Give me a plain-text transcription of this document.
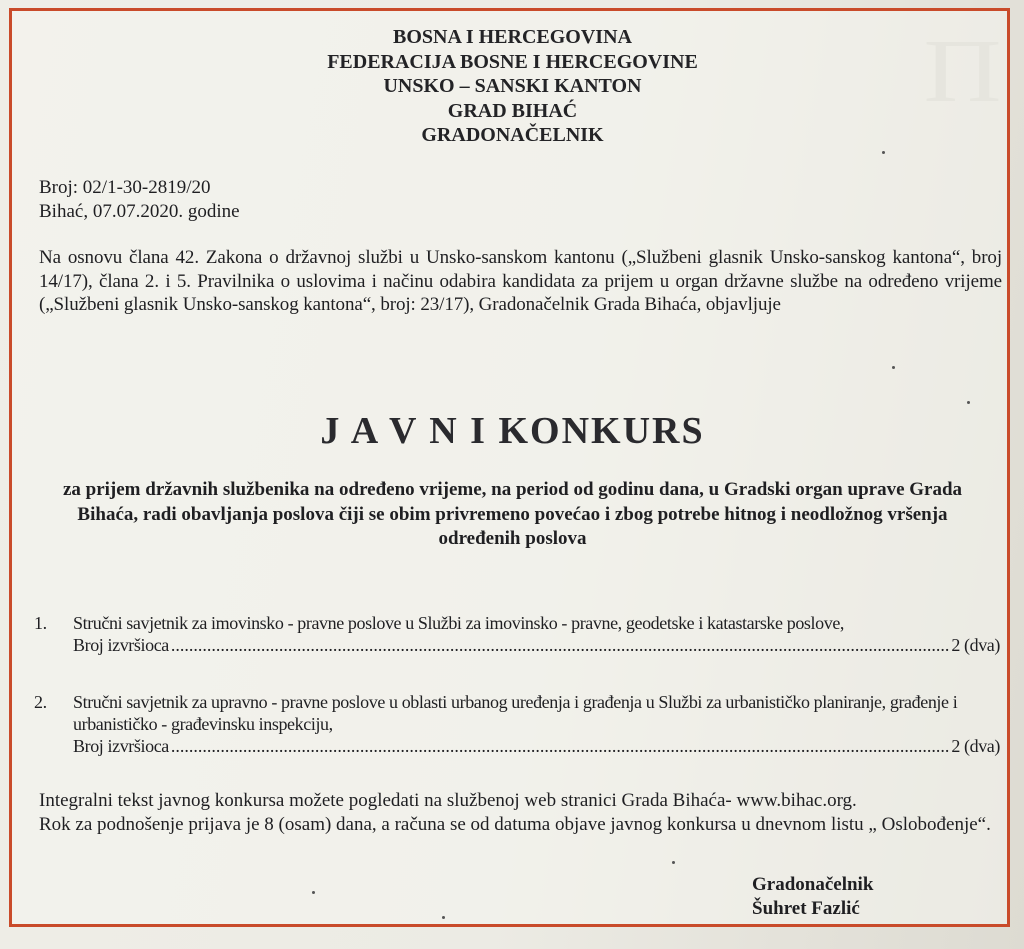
BOSNA I HERCEGOVINA
FEDERACIJA BOSNE I HERCEGOVINE
UNSKO – SANSKI KANTON
GRAD BIHAĆ
GRADONAČELNIK
Broj: 02/1-30-2819/20
Bihać, 07.07.2020. godine
Na osnovu člana 42. Zakona o državnoj službi u Unsko-sanskom kantonu („Službeni glasnik Unsko-sanskog kantona“, broj 14/17), člana 2. i 5. Pravilnika o uslovima i načinu odabira kandidata za prijem u organ državne službe na određeno vrijeme („Službeni glasnik Unsko-sanskog kantona“, broj: 23/17), Gradonačelnik Grada Bihaća, objavljuje
J A V N I KONKURS
za prijem državnih službenika na određeno vrijeme, na period od godinu dana, u Gradski organ uprave Grada Bihaća, radi obavljanja poslova čiji se obim privremeno povećao i zbog potrebe hitnog i neodložnog vršenja određenih poslova
1.	Stručni savjetnik za imovinsko - pravne poslove u Službi za imovinsko - pravne, geodetske i katastarske poslove,
Broj izvršioca .....	2 (dva)
2.	Stručni savjetnik za upravno - pravne poslove u oblasti urbanog uređenja i građenja u Službi za urbanističko planiranje, građenje i urbanističko - građevinsku inspekciju,
Broj izvršioca .....	2 (dva)
Integralni tekst javnog konkursa možete pogledati na službenoj web stranici Grada Bihaća- www.bihac.org.
Rok za podnošenje prijava je 8 (osam) dana, a računa se od datuma objave javnog konkursa u dnevnom listu „ Oslobođenje“.
Gradonačelnik
Šuhret Fazlić
